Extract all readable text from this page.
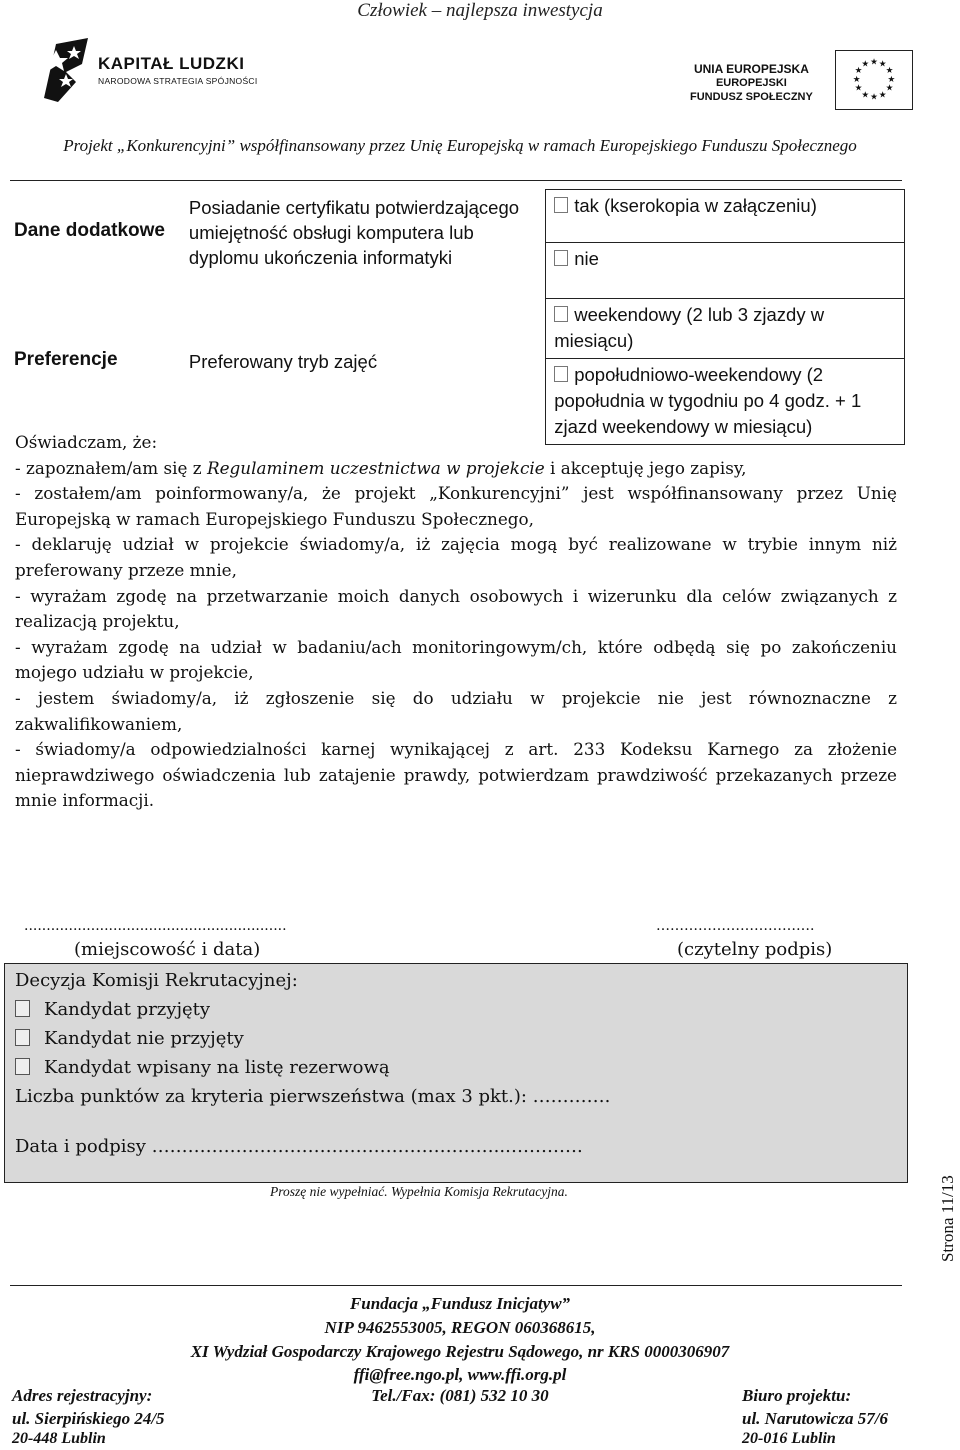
Człowiek – najlepsza inwestycja
KAPITAŁ LUDZKI
NARODOWA STRATEGIA SPÓJNOŚCI
UNIA EUROPEJSKA
EUROPEJSKI
FUNDUSZ SPOŁECZNY
★ ★
★
★
★
★
★
★
★
★
★
★
Projekt „Konkurencyjni” współfinansowany przez Unię Europejską w ramach Europejskiego Funduszu Społecznego
Dane dodatkowe	Posiadanie certyfikatu potwierdzającego umiejętność obsługi komputera lub dyplomu ukończenia informatyki	tak (kserokopia w załączeniu)
		nie
Preferencje	Preferowany tryb zajęć	weekendowy (2 lub 3 zjazdy w miesiącu)
		popołudniowo-weekendowy (2 popołudnia w tygodniu po 4 godz. + 1 zjazd weekendowy w miesiącu)

Oświadczam, że:

- zapoznałem/am się z Regulaminem uczestnictwa w projekcie i akceptuję jego zapisy,

- zostałem/am poinformowany/a, że projekt „Konkurencyjni” jest współfinansowany przez Unię Europejską w ramach Europejskiego Funduszu Społecznego,

- deklaruję udział w projekcie świadomy/a, iż zajęcia mogą być realizowane w trybie innym niż preferowany przeze mnie,

- wyrażam zgodę na przetwarzanie moich danych osobowych i wizerunku dla celów związanych z realizacją projektu,

- wyrażam zgodę na udział w badaniu/ach monitoringowym/ch, które odbędą się po zakończeniu mojego udziału w projekcie,

- jestem świadomy/a, iż zgłoszenie się do udziału w projekcie nie jest równoznaczne z zakwalifikowaniem,

- świadomy/a odpowiedzialności karnej wynikającej z art. 233 Kodeksu Karnego za złożenie nieprawdziwego oświadczenia lub zatajenie prawdy, potwierdzam prawdziwość przekazanych przeze mnie informacji.

...........................................................	…………………………….
(miejscowość i data)	(czytelny podpis)
Decyzja Komisji Rekrutacyjnej:
Kandydat przyjęty
Kandydat nie przyjęty
Kandydat wpisany na listę rezerwową
Liczba punktów za kryteria pierwszeństwa (max 3 pkt.): ………….
Data i podpisy …………………………………………………..………….
Proszę nie wypełniać. Wypełnia Komisja Rekrutacyjna.	Strona 11/13
Fundacja „Fundusz Inicjatyw”
NIP 9462553005, REGON 060368615,
XI Wydział Gospodarczy Krajowego Rejestru Sądowego, nr KRS 0000306907
ffi@free.ngo.pl, www.ffi.org.pl
Adres rejestracyjny:
ul. Sierpińskiego 24/5
20-448 Lublin
Tel./Fax: (081) 532 10 30	Biuro projektu:
ul. Narutowicza 57/6
20-016 Lublin
